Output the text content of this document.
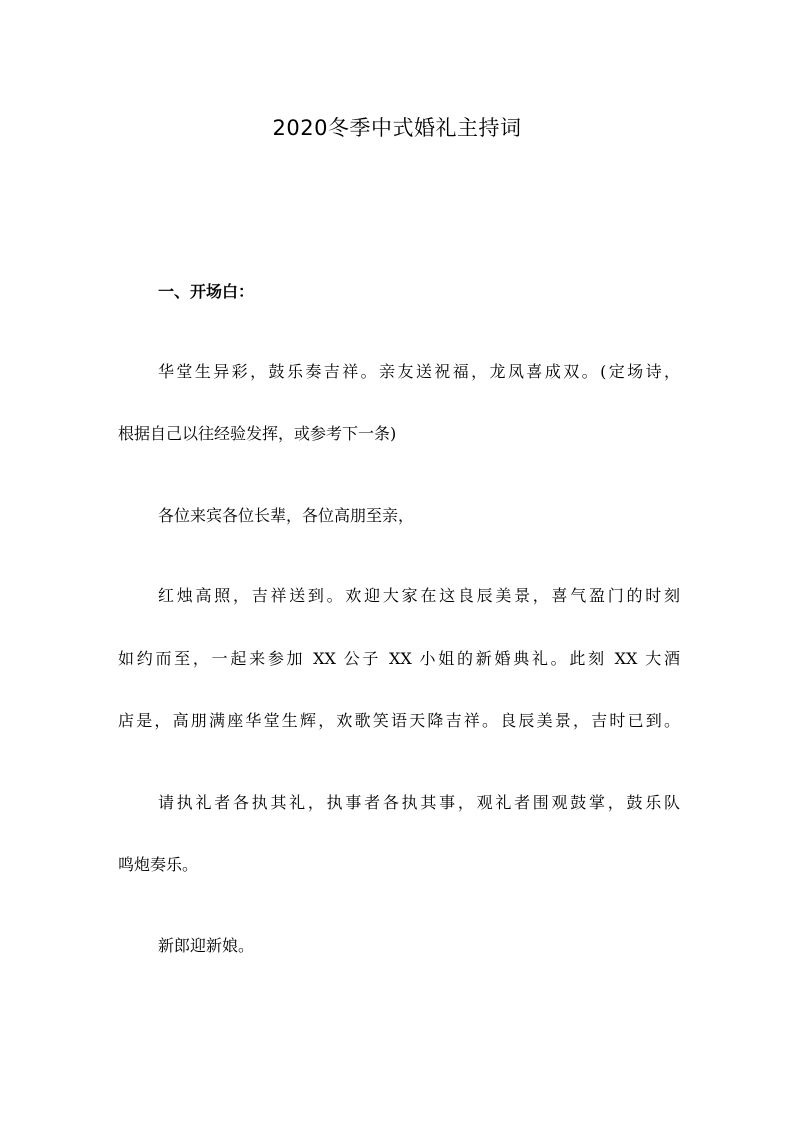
2020冬季中式婚礼主持词
一、开场白：
华堂生异彩，鼓乐奏吉祥。亲友送祝福，龙凤喜成双。(定场诗，
根据自己以往经验发挥，或参考下一条)
各位来宾各位长辈，各位高朋至亲，
红烛高照，吉祥送到。欢迎大家在这良辰美景，喜气盈门的时刻
如约而至，一起来参加 XX 公子 XX 小姐的新婚典礼。此刻 XX 大酒
店是，高朋满座华堂生辉，欢歌笑语天降吉祥。良辰美景，吉时已到。
请执礼者各执其礼，执事者各执其事，观礼者围观鼓掌，鼓乐队
鸣炮奏乐。
新郎迎新娘。
